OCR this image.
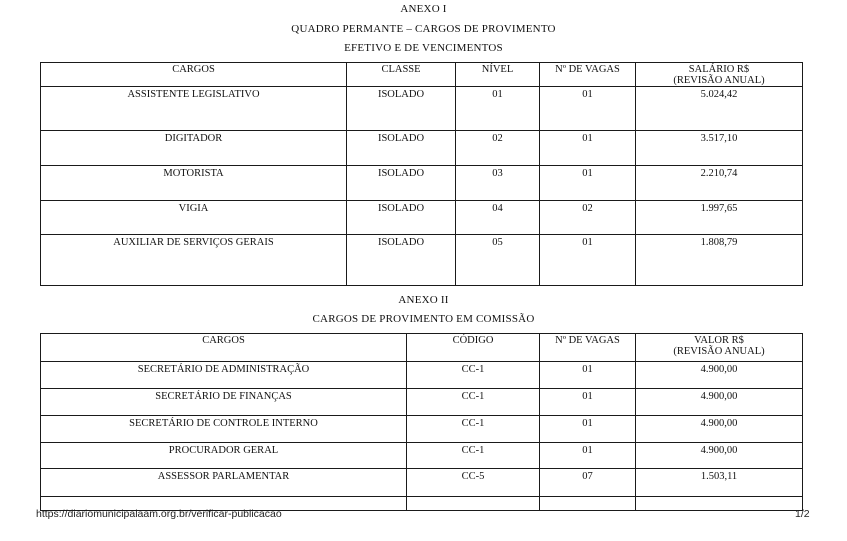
ANEXO I

QUADRO PERMANTE – CARGOS DE PROVIMENTO

EFETIVO E DE VENCIMENTOS

CARGOS	CLASSE	NÍVEL	Nº DE VAGAS	SALÁRIO R$
(REVISÃO ANUAL)

ASSISTENTE LEGISLATIVO	ISOLADO	01	01	5.024,42
DIGITADOR	ISOLADO	02	01	3.517,10
MOTORISTA	ISOLADO	03	01	2.210,74
VIGIA	ISOLADO	04	02	1.997,65
AUXILIAR DE SERVIÇOS GERAIS	ISOLADO	05	01	1.808,79

ANEXO II

CARGOS DE PROVIMENTO EM COMISSÃO

CARGOS	CÓDIGO	Nº DE VAGAS	VALOR R$
(REVISÃO ANUAL)

SECRETÁRIO DE ADMINISTRAÇÃO	CC-1	01	4.900,00
SECRETÁRIO DE FINANÇAS	CC-1	01	4.900,00
SECRETÁRIO DE CONTROLE INTERNO	CC-1	01	4.900,00
PROCURADOR GERAL	CC-1	01	4.900,00
ASSESSOR PARLAMENTAR	CC-5	07	1.503,11

https://diariomunicipalaam.org.br/verificar-publicacao	1/2
